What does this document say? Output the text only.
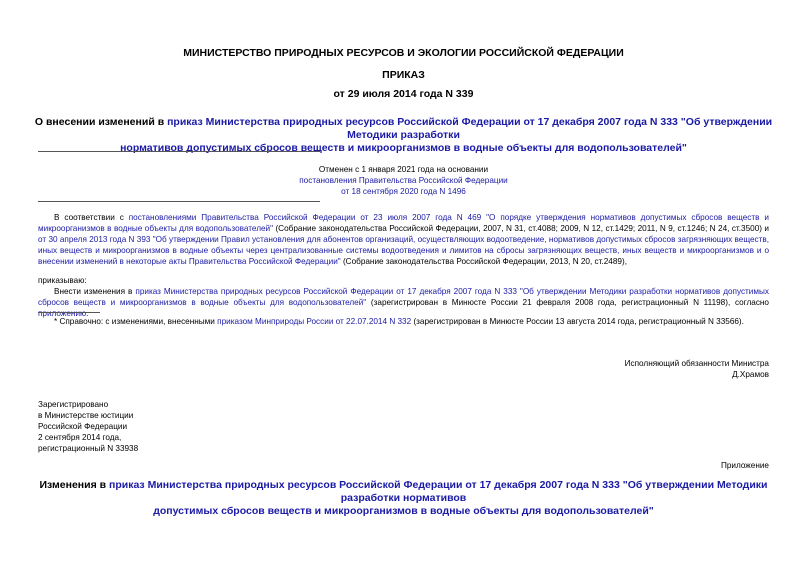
МИНИСТЕРСТВО ПРИРОДНЫХ РЕСУРСОВ И ЭКОЛОГИИ РОССИЙСКОЙ ФЕДЕРАЦИИ
ПРИКАЗ
от 29 июля 2014 года N 339
О внесении изменений в приказ Министерства природных ресурсов Российской Федерации от 17 декабря 2007 года N 333 "Об утверждении Методики разработки
нормативов допустимых сбросов веществ и микроорганизмов в водные объекты для водопользователей"
Отменен с 1 января 2021 года на основании
постановления Правительства Российской Федерации
от 18 сентября 2020 года N 1496
В соответствии с постановлениями Правительства Российской Федерации от 23 июля 2007 года N 469 "О порядке утверждения нормативов допустимых сбросов веществ и микроорганизмов в водные объекты для водопользователей" (Собрание законодательства Российской Федерации, 2007, N 31, ст.4088; 2009, N 12, ст.1429; 2011, N 9, ст.1246; N 24, ст.3500) и от 30 апреля 2013 года N 393 "Об утверждении Правил установления для абонентов организаций, осуществляющих водоотведение, нормативов допустимых сбросов загрязняющих веществ, иных веществ и микроорганизмов в водные объекты через централизованные системы водоотведения и лимитов на сбросы загрязняющих веществ, иных веществ и микроорганизмов и о внесении изменений в некоторые акты Правительства Российской Федерации" (Собрание законодательства Российской Федерации, 2013, N 20, ст.2489),
приказываю:
Внести изменения в приказ Министерства природных ресурсов Российской Федерации от 17 декабря 2007 года N 333 "Об утверждении Методики разработки нормативов допустимых сбросов веществ и микроорганизмов в водные объекты для водопользователей" (зарегистрирован в Минюсте России 21 февраля 2008 года, регистрационный N 11198), согласно приложению.
* Справочно: с изменениями, внесенными приказом Минприроды России от 22.07.2014 N 332 (зарегистрирован в Минюсте России 13 августа 2014 года, регистрационный N 33566).
Исполняющий обязанности Министра
Д.Храмов
Зарегистрировано
в Министерстве юстиции
Российской Федерации
2 сентября 2014 года,
регистрационный N 33938
Приложение
Изменения в приказ Министерства природных ресурсов Российской Федерации от 17 декабря 2007 года N 333 "Об утверждении Методики разработки нормативов
допустимых сбросов веществ и микроорганизмов в водные объекты для водопользователей"
